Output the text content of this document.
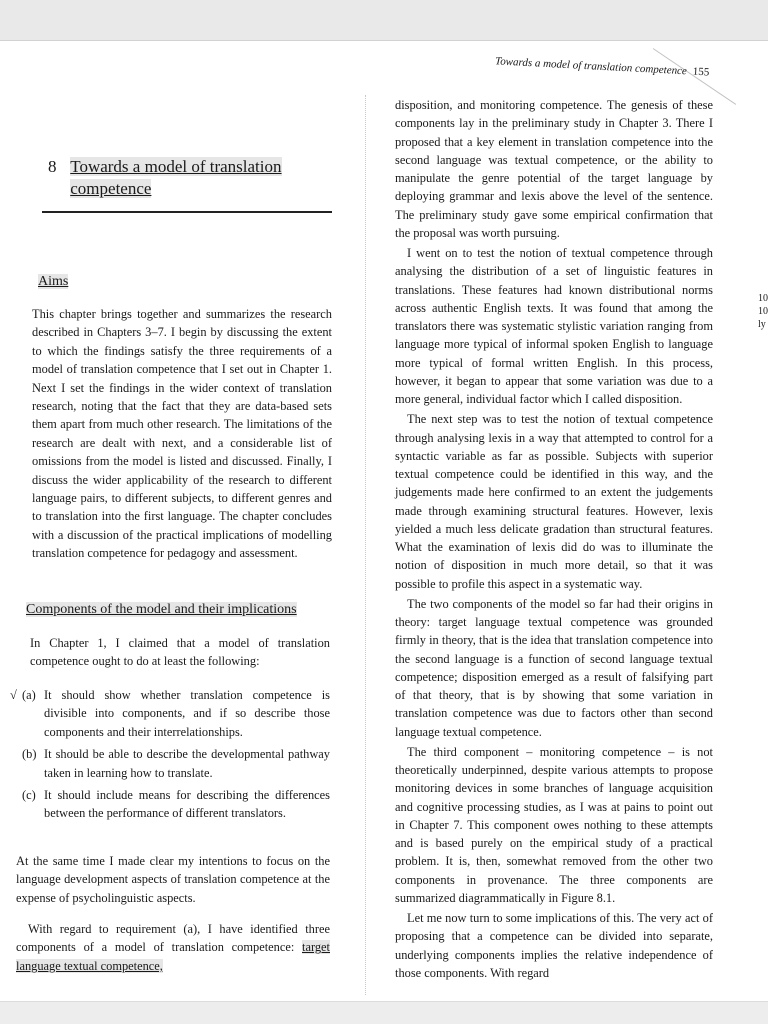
10 10 ly
Towards a model of translation competence 155
8 Towards a model of translation competence
Aims
This chapter brings together and summarizes the research described in Chapters 3–7. I begin by discussing the extent to which the findings satisfy the three requirements of a model of translation competence that I set out in Chapter 1. Next I set the findings in the wider context of translation research, noting that the fact that they are data-based sets them apart from much other research. The limitations of the research are dealt with next, and a considerable list of omissions from the model is listed and discussed. Finally, I discuss the wider applicability of the research to different language pairs, to different subjects, to different genres and to translation into the first language. The chapter concludes with a discussion of the practical implications of modelling translation competence for pedagogy and assessment.
Components of the model and their implications
In Chapter 1, I claimed that a model of translation competence ought to do at least the following:
√ (a) It should show whether translation competence is divisible into components, and if so describe those components and their interrelationships.
(b) It should be able to describe the developmental pathway taken in learning how to translate.
(c) It should include means for describing the differences between the performance of different translators.

At the same time I made clear my intentions to focus on the language development aspects of translation competence at the expense of psycholinguistic aspects.

With regard to requirement (a), I have identified three components of a model of translation competence: target language textual competence,

disposition, and monitoring competence. The genesis of these components lay in the preliminary study in Chapter 3. There I proposed that a key element in translation competence into the second language was textual competence, or the ability to manipulate the genre potential of the target language by deploying grammar and lexis above the level of the sentence. The preliminary study gave some empirical confirmation that the proposal was worth pursuing.

I went on to test the notion of textual competence through analysing the distribution of a set of linguistic features in translations. These features had known distributional norms across authentic English texts. It was found that among the translators there was systematic stylistic variation ranging from language more typical of informal spoken English to language more typical of formal written English. In this process, however, it began to appear that some variation was due to a more general, individual factor which I called disposition.

The next step was to test the notion of textual competence through analysing lexis in a way that attempted to control for a syntactic variable as far as possible. Subjects with superior textual competence could be identified in this way, and the judgements made here confirmed to an extent the judgements made through examining structural features. However, lexis yielded a much less delicate gradation than structural features. What the examination of lexis did do was to illuminate the notion of disposition in much more detail, so that it was possible to profile this aspect in a systematic way.

The two components of the model so far had their origins in theory: target language textual competence was grounded firmly in theory, that is the idea that translation competence into the second language is a function of second language textual competence; disposition emerged as a result of falsifying part of that theory, that is by showing that some variation in translation competence was due to factors other than second language textual competence.

The third component – monitoring competence – is not theoretically underpinned, despite various attempts to propose monitoring devices in some branches of language acquisition and cognitive processing studies, as I was at pains to point out in Chapter 7. This component owes nothing to these attempts and is based purely on the empirical study of a practical problem. It is, then, somewhat removed from the other two components in provenance. The three components are summarized diagrammatically in Figure 8.1.

Let me now turn to some implications of this. The very act of proposing that a competence can be divided into separate, underlying components implies the relative independence of those components. With regard
